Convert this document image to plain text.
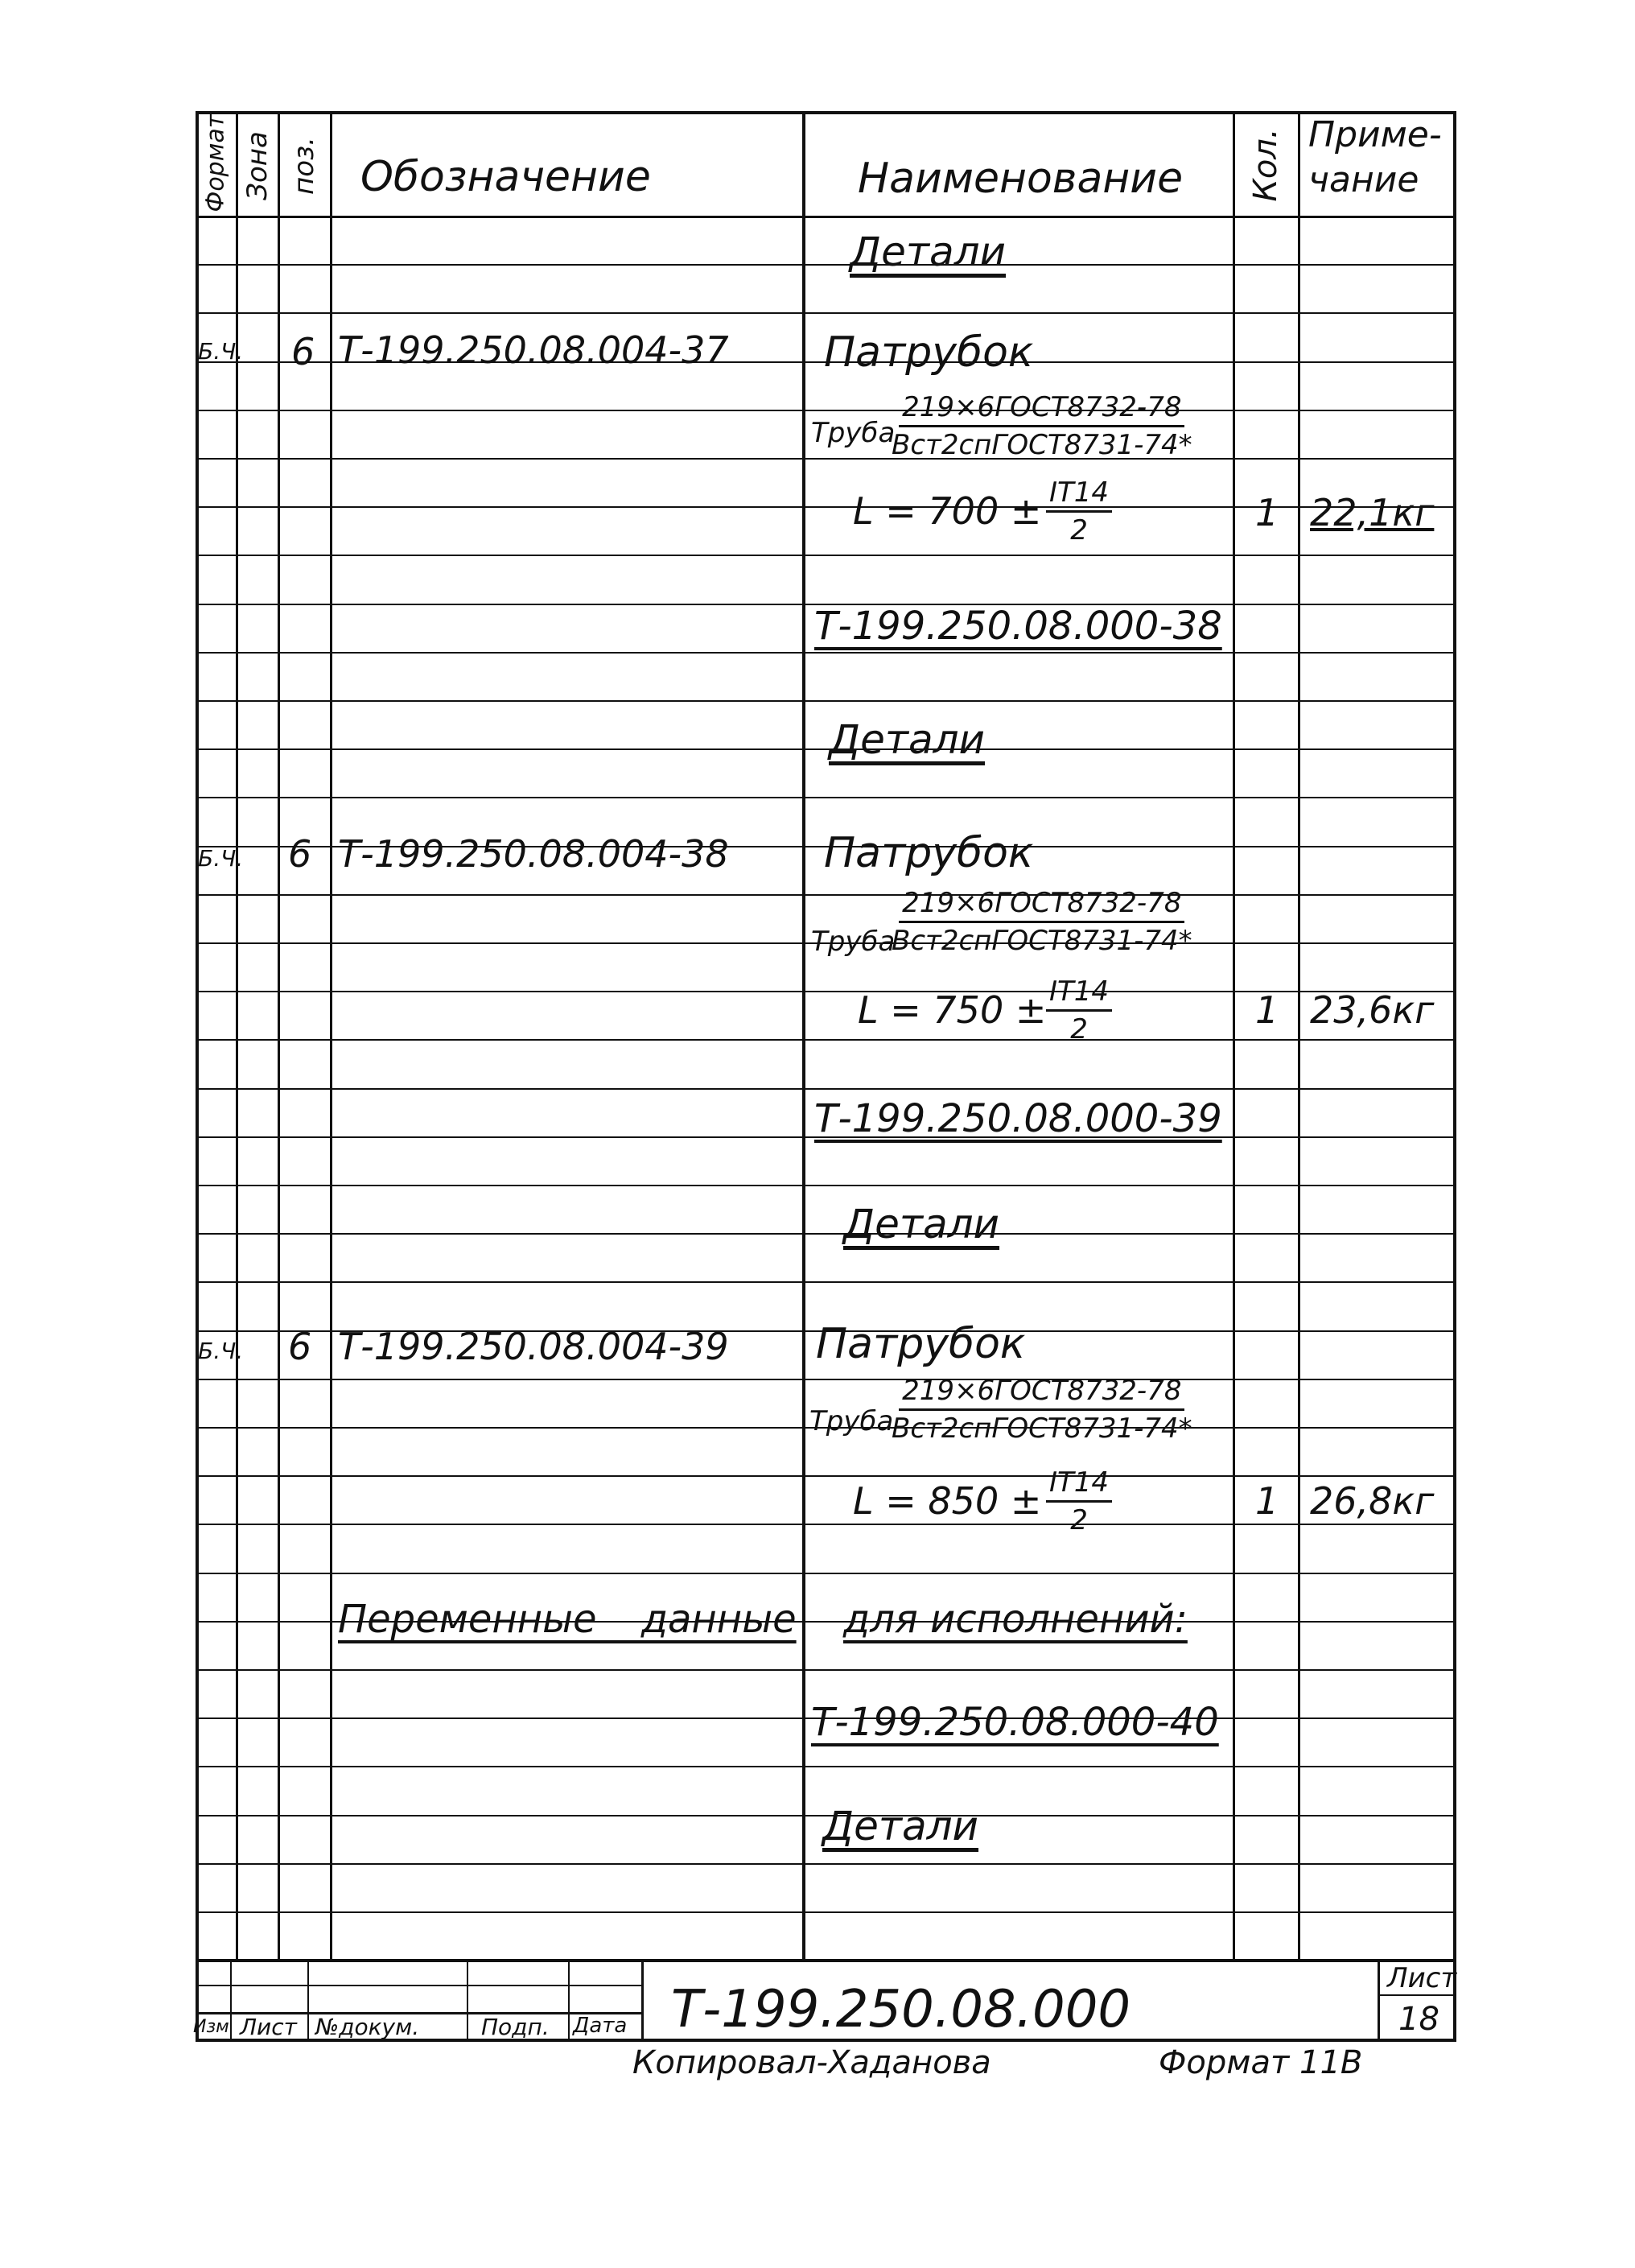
Формат Зона поз. Обозначение	Наименование Кол. Приме-
чание
Детали
Б.Ч. 6 Т-199.250.08.004-37 Патрубок
Труба
219×6ГОСТ8732-78
Вст2спГОСТ8731-74*
$L = 700 \pm \frac{IT14}{2}$	1 22,1кг
Т-199.250.08.000-38
Детали
Б.Ч. 6 Т-199.250.08.004-38 Патрубок
Труба
219×6ГОСТ8732-78
Вст2спГОСТ8731-74*
$L = 750 \pm \frac{IT14}{2}$	1 23,6кг
Т-199.250.08.000-39
Детали
Б.Ч. 6 Т-199.250.08.004-39 Патрубок
Труба
219×6ГОСТ8732-78
Вст2спГОСТ8731-74*
$L = 850 \pm \frac{IT14}{2}$	1 26,8кг
Переменные данные для исполнений:
Т-199.250.08.000-40
Детали
Изм Лист №докум.	Подп. Дата Т-199.250.08.000
Лист
18
Копировал-Хаданова	Формат 11В
